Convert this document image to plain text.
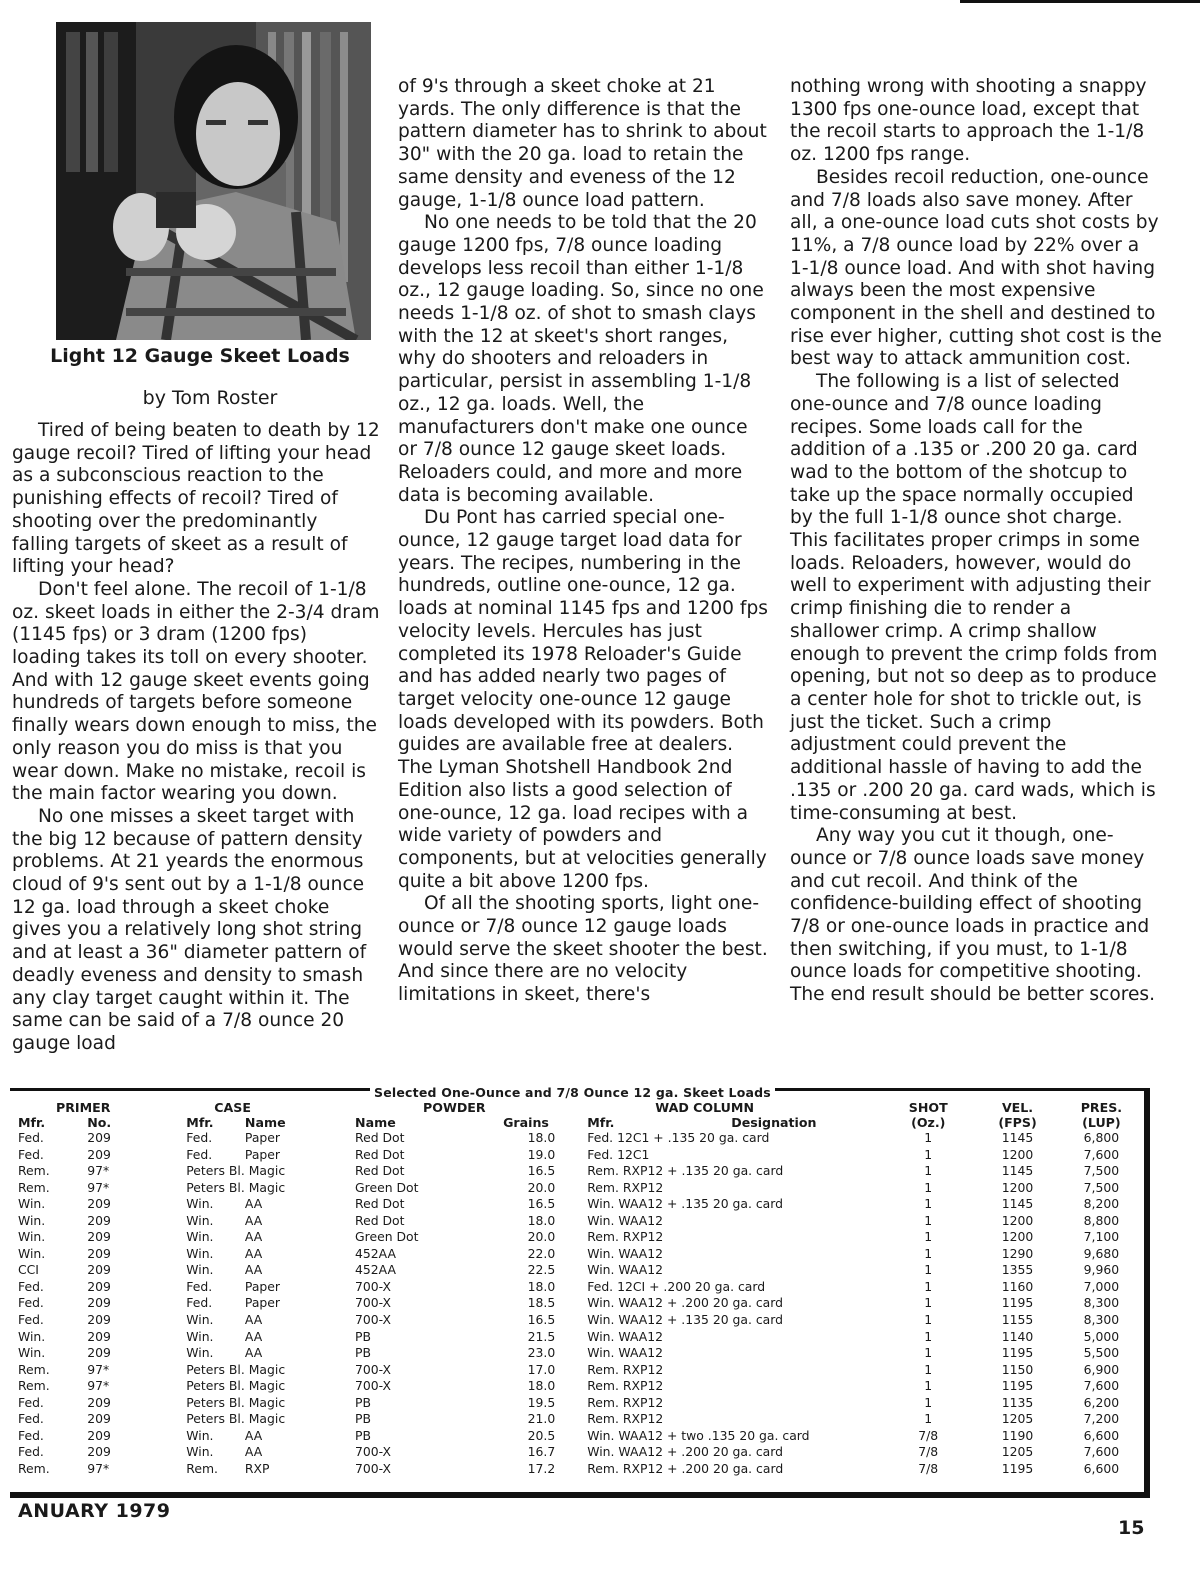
Light 12 Gauge Skeet Loads
by Tom Roster

Tired of being beaten to death by 12 gauge recoil? Tired of lifting your head as a subconscious reaction to the punishing effects of recoil? Tired of shooting over the predominantly falling targets of skeet as a result of lifting your head?

Don't feel alone. The recoil of 1-1/8 oz. skeet loads in either the 2-3/4 dram (1145 fps) or 3 dram (1200 fps) loading takes its toll on every shooter. And with 12 gauge skeet events going hundreds of targets before someone finally wears down enough to miss, the only reason you do miss is that you wear down. Make no mistake, recoil is the main factor wearing you down.

No one misses a skeet target with the big 12 because of pattern density problems. At 21 yeards the enormous cloud of 9's sent out by a 1-1/8 ounce 12 ga. load through a skeet choke gives you a relatively long shot string and at least a 36" diameter pattern of deadly eveness and density to smash any clay target caught within it. The same can be said of a 7/8 ounce 20 gauge load

of 9's through a skeet choke at 21 yards. The only difference is that the pattern diameter has to shrink to about 30" with the 20 ga. load to retain the same density and eveness of the 12 gauge, 1-1/8 ounce load pattern.

No one needs to be told that the 20 gauge 1200 fps, 7/8 ounce loading develops less recoil than either 1-1/8 oz., 12 gauge loading. So, since no one needs 1-1/8 oz. of shot to smash clays with the 12 at skeet's short ranges, why do shooters and reloaders in particular, persist in assembling 1-1/8 oz., 12 ga. loads. Well, the manufacturers don't make one ounce or 7/8 ounce 12 gauge skeet loads. Reloaders could, and more and more data is becoming available.

Du Pont has carried special one-ounce, 12 gauge target load data for years. The recipes, numbering in the hundreds, outline one-ounce, 12 ga. loads at nominal 1145 fps and 1200 fps velocity levels. Hercules has just completed its 1978 Reloader's Guide and has added nearly two pages of target velocity one-ounce 12 gauge loads developed with its powders. Both guides are available free at dealers. The Lyman Shotshell Handbook 2nd Edition also lists a good selection of one-ounce, 12 ga. load recipes with a wide variety of powders and components, but at velocities generally quite a bit above 1200 fps.

Of all the shooting sports, light one-ounce or 7/8 ounce 12 gauge loads would serve the skeet shooter the best. And since there are no velocity limitations in skeet, there's

nothing wrong with shooting a snappy 1300 fps one-ounce load, except that the recoil starts to approach the 1-1/8 oz. 1200 fps range.

Besides recoil reduction, one-ounce and 7/8 loads also save money. After all, a one-ounce load cuts shot costs by 11%, a 7/8 ounce load by 22% over a 1-1/8 ounce load. And with shot having always been the most expensive component in the shell and destined to rise ever higher, cutting shot cost is the best way to attack ammunition cost.

The following is a list of selected one-ounce and 7/8 ounce loading recipes. Some loads call for the addition of a .135 or .200 20 ga. card wad to the bottom of the shotcup to take up the space normally occupied by the full 1-1/8 ounce shot charge. This facilitates proper crimps in some loads. Reloaders, however, would do well to experiment with adjusting their crimp finishing die to render a shallower crimp. A crimp shallow enough to prevent the crimp folds from opening, but not so deep as to produce a center hole for shot to trickle out, is just the ticket. Such a crimp adjustment could prevent the additional hassle of having to add the .135 or .200 20 ga. card wads, which is time-consuming at best.

Any way you cut it though, one-ounce or 7/8 ounce loads save money and cut recoil. And think of the confidence-building effect of shooting 7/8 or one-ounce loads in practice and then switching, if you must, to 1-1/8 ounce loads for competitive shooting. The end result should be better scores.

Selected One-Ounce and 7/8 Ounce 12 ga. Skeet Loads
PRIMER		CASE		POWDER		WAD COLUMN	SHOT	VEL.	PRES.
Mfr.	No.	Mfr.	Name	Name	Grains	Mfr. Designation	(Oz.)	(FPS)	(LUP)
Fed.	209	Fed.	Paper	Red Dot	18.0	Fed. 12C1 + .135 20 ga. card	1	1145	6,800
Fed.	209	Fed.	Paper	Red Dot	19.0	Fed. 12C1	1	1200	7,600
Rem.	97*	Peters Bl. Magic		Red Dot	16.5	Rem. RXP12 + .135 20 ga. card	1	1145	7,500
Rem.	97*	Peters Bl. Magic		Green Dot	20.0	Rem. RXP12	1	1200	7,500
Win.	209	Win.	AA	Red Dot	16.5	Win. WAA12 + .135 20 ga. card	1	1145	8,200
Win.	209	Win.	AA	Red Dot	18.0	Win. WAA12	1	1200	8,800
Win.	209	Win.	AA	Green Dot	20.0	Rem. RXP12	1	1200	7,100
Win.	209	Win.	AA	452AA	22.0	Win. WAA12	1	1290	9,680
CCI	209	Win.	AA	452AA	22.5	Win. WAA12	1	1355	9,960
Fed.	209	Fed.	Paper	700-X	18.0	Fed. 12CI + .200 20 ga. card	1	1160	7,000
Fed.	209	Fed.	Paper	700-X	18.5	Win. WAA12 + .200 20 ga. card	1	1195	8,300
Fed.	209	Win.	AA	700-X	16.5	Win. WAA12 + .135 20 ga. card	1	1155	8,300
Win.	209	Win.	AA	PB	21.5	Win. WAA12	1	1140	5,000
Win.	209	Win.	AA	PB	23.0	Win. WAA12	1	1195	5,500
Rem.	97*	Peters Bl. Magic		700-X	17.0	Rem. RXP12	1	1150	6,900
Rem.	97*	Peters Bl. Magic		700-X	18.0	Rem. RXP12	1	1195	7,600
Fed.	209	Peters Bl. Magic		PB	19.5	Rem. RXP12	1	1135	6,200
Fed.	209	Peters Bl. Magic		PB	21.0	Rem. RXP12	1	1205	7,200
Fed.	209	Win.	AA	PB	20.5	Win. WAA12 + two .135 20 ga. card	7/8	1190	6,600
Fed.	209	Win.	AA	700-X	16.7	Win. WAA12 + .200 20 ga. card	7/8	1205	7,600
Rem.	97*	Rem.	RXP	700-X	17.2	Rem. RXP12 + .200 20 ga. card	7/8	1195	6,600
ANUARY 1979
15
